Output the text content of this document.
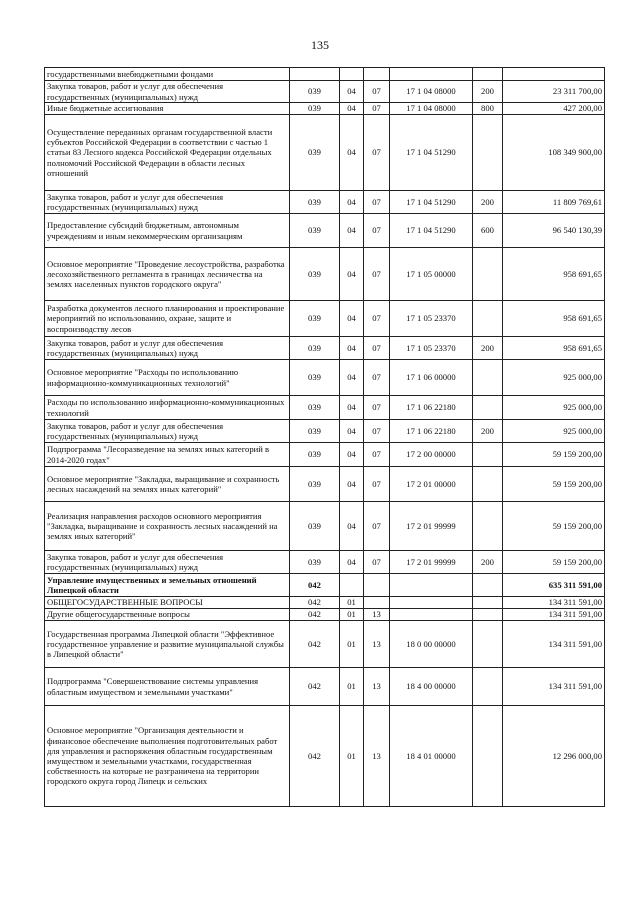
135
государственными внебюджетными фондами						
Закупка товаров, работ и услуг для обеспечения государственных (муниципальных) нужд	039	04	07	17 1 04 08000	200	23 311 700,00
Иные бюджетные ассигнования	039	04	07	17 1 04 08000	800	427 200,00
Осуществление переданных органам государственной власти субъектов Российской Федерации в соответствии с частью 1 статьи 83 Лесного кодекса Российской Федерации отдельных полномочий Российской Федерации в области лесных отношений	039	04	07	17 1 04 51290		108 349 900,00
Закупка товаров, работ и услуг для обеспечения государственных (муниципальных) нужд	039	04	07	17 1 04 51290	200	11 809 769,61
Предоставление субсидий бюджетным, автономным учреждениям и иным некоммерческим организациям	039	04	07	17 1 04 51290	600	96 540 130,39
Основное мероприятие "Проведение лесоустройства, разработка лесохозяйственного регламента в границах лесничества на землях населенных пунктов городского округа"	039	04	07	17 1 05 00000		958 691,65
Разработка документов лесного планирования и проектирование мероприятий по использованию, охране, защите и воспроизводству лесов	039	04	07	17 1 05 23370		958 691,65
Закупка товаров, работ и услуг для обеспечения государственных (муниципальных) нужд	039	04	07	17 1 05 23370	200	958 691,65
Основное мероприятие "Расходы по использованию информационно-коммуникационных технологий"	039	04	07	17 1 06 00000		925 000,00
Расходы по использованию информационно-коммуникационных технологий	039	04	07	17 1 06 22180		925 000,00
Закупка товаров, работ и услуг для обеспечения государственных (муниципальных) нужд	039	04	07	17 1 06 22180	200	925 000,00
Подпрограмма "Лесоразведение на землях иных категорий в 2014-2020 годах"	039	04	07	17 2 00 00000		59 159 200,00
Основное мероприятие "Закладка, выращивание и сохранность лесных насаждений на землях иных категорий"	039	04	07	17 2 01 00000		59 159 200,00
Реализация направления расходов основного мероприятия "Закладка, выращивание и сохранность лесных насаждений на землях иных категорий"	039	04	07	17 2 01 99999		59 159 200,00
Закупка товаров, работ и услуг для обеспечения государственных (муниципальных) нужд	039	04	07	17 2 01 99999	200	59 159 200,00
Управление имущественных и земельных отношений Липецкой области	042					635 311 591,00
ОБЩЕГОСУДАРСТВЕННЫЕ ВОПРОСЫ	042	01				134 311 591,00
Другие общегосударственные вопросы	042	01	13			134 311 591,00
Государственная программа Липецкой области "Эффективное государственное управление и развитие муниципальной службы в Липецкой области"	042	01	13	18 0 00 00000		134 311 591,00
Подпрограмма "Совершенствование системы управления областным имуществом и земельными участками"	042	01	13	18 4 00 00000		134 311 591,00
Основное мероприятие "Организация деятельности и финансовое обеспечение выполнения подготовительных работ для управления и распоряжения областным государственным имуществом и земельными участками, государственная собственность на которые не разграничена на территории городского округа город Липецк и сельских	042	01	13	18 4 01 00000		12 296 000,00
